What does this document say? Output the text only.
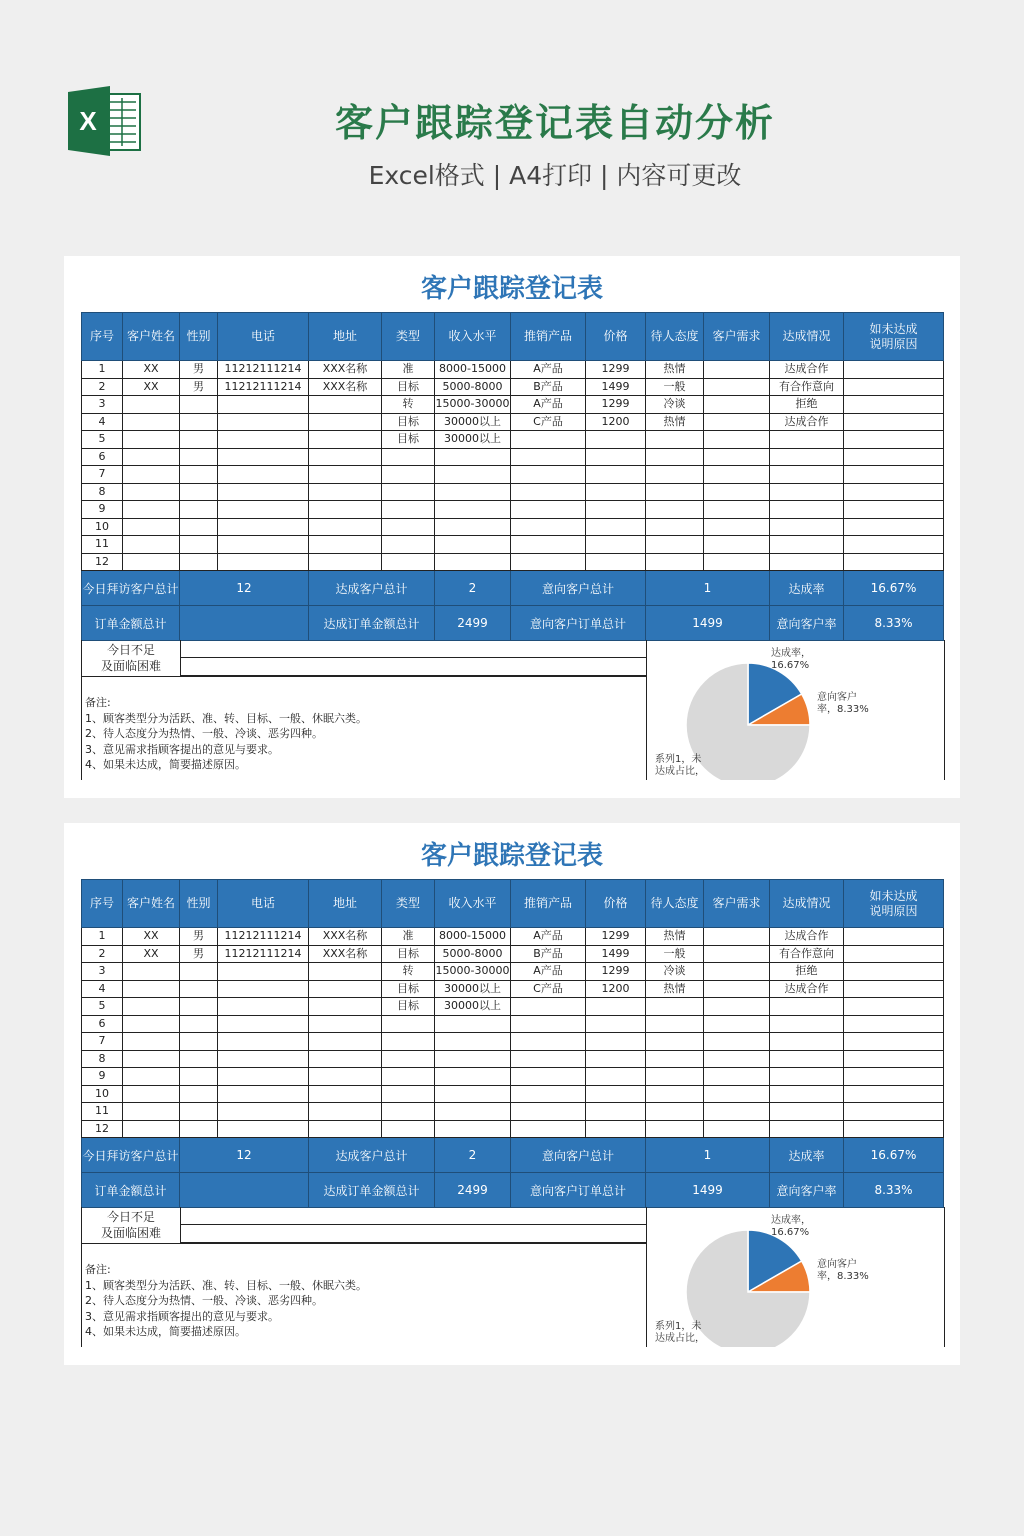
X	客户跟踪登记表自动分析
Excel格式 | A4打印 | 内容可更改
客户跟踪登记表
序号	客户姓名	性别	电话	地址	类型	收入水平	推销产品	价格	待人态度	客户需求	达成情况	如未达成
说明原因
1	XX	男	11212111214	XXX名称	准	8000-15000	A产品	1299	热情		达成合作	
2	XX	男	11212111214	XXX名称	目标	5000-8000	B产品	1499	一般		有合作意向	
3					转	15000-30000	A产品	1299	冷谈		拒绝	
4					目标	30000以上	C产品	1200	热情		达成合作	
5					目标	30000以上						
6												
7												
8												
9												
10												
11												
12												
今日拜访客户总计		12		达成客户总计		2	意向客户总计		1		达成率	16.67%
订单金额总计				达成订单金额总计		2499	意向客户订单总计		1499		意向客户率	8.33%
今日不足
及面临困难
备注:
1、顾客类型分为活跃、准、转、目标、一般、休眠六类。
2、待人态度分为热情、一般、冷谈、恶劣四种。
3、意见需求指顾客提出的意见与要求。
4、如果未达成，简要描述原因。
达成率，
16.67%
意向客户
率，8.33%
系列1，未
达成占比，
客户跟踪登记表
序号	客户姓名	性别	电话	地址	类型	收入水平	推销产品	价格	待人态度	客户需求	达成情况	如未达成
说明原因
1	XX	男	11212111214	XXX名称	准	8000-15000	A产品	1299	热情		达成合作	
2	XX	男	11212111214	XXX名称	目标	5000-8000	B产品	1499	一般		有合作意向	
3					转	15000-30000	A产品	1299	冷谈		拒绝	
4					目标	30000以上	C产品	1200	热情		达成合作	
5					目标	30000以上						
6												
7												
8												
9												
10												
11												
12												
今日拜访客户总计		12		达成客户总计		2	意向客户总计		1		达成率	16.67%
订单金额总计				达成订单金额总计		2499	意向客户订单总计		1499		意向客户率	8.33%
今日不足
及面临困难
备注:
1、顾客类型分为活跃、准、转、目标、一般、休眠六类。
2、待人态度分为热情、一般、冷谈、恶劣四种。
3、意见需求指顾客提出的意见与要求。
4、如果未达成，简要描述原因。
达成率，
16.67%
意向客户
率，8.33%
系列1，未
达成占比，
